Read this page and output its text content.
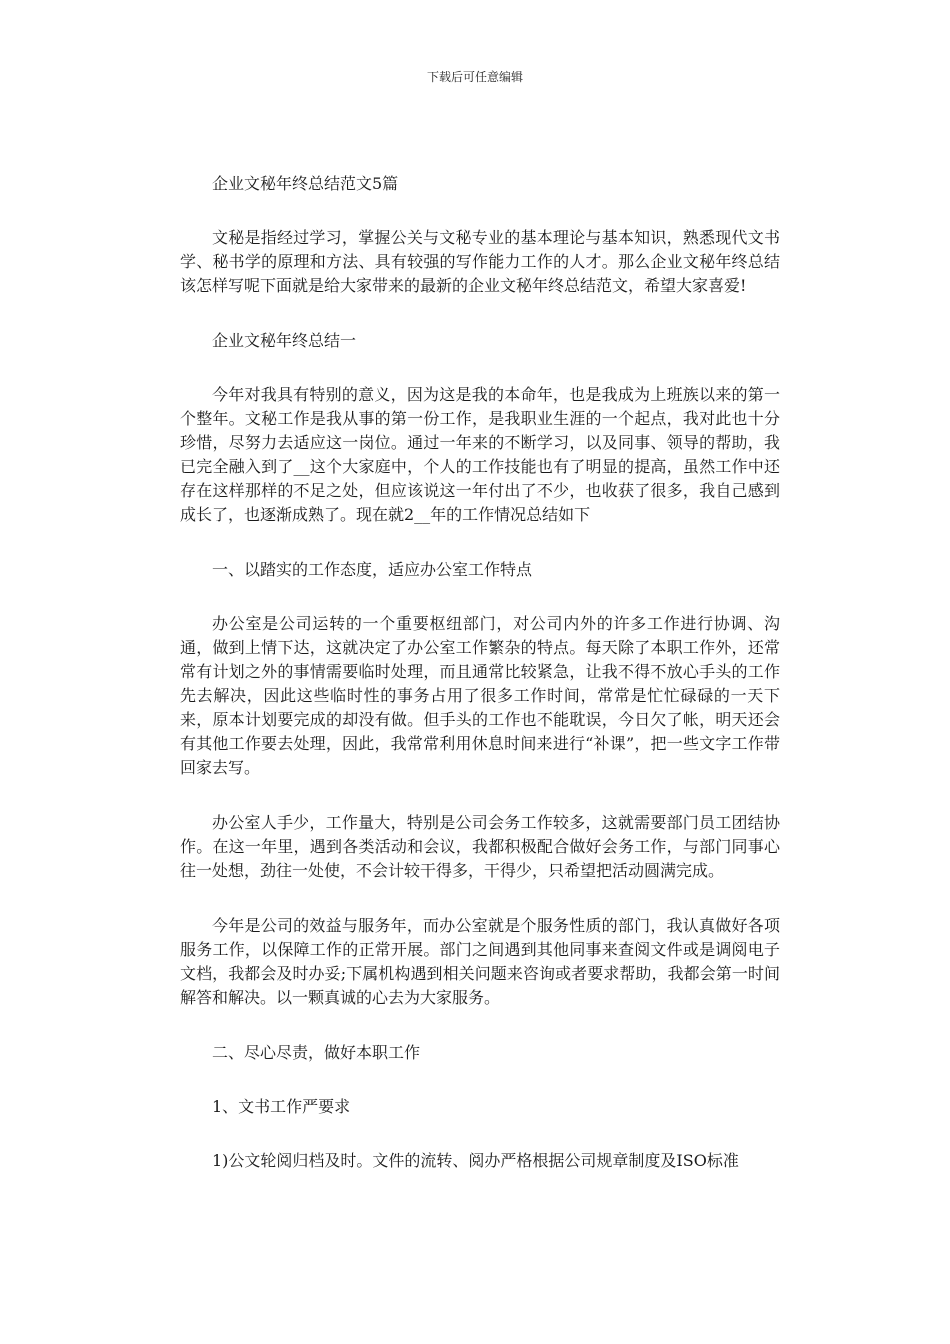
下载后可任意编辑

企业文秘年终总结范文5篇

文秘是指经过学习，掌握公关与文秘专业的基本理论与基本知识，熟悉现代文书学、秘书学的原理和方法、具有较强的写作能力工作的人才。那么企业文秘年终总结该怎样写呢下面就是给大家带来的最新的企业文秘年终总结范文，希望大家喜爱!

企业文秘年终总结一

今年对我具有特别的意义，因为这是我的本命年，也是我成为上班族以来的第一个整年。文秘工作是我从事的第一份工作，是我职业生涯的一个起点，我对此也十分珍惜，尽努力去适应这一岗位。通过一年来的不断学习，以及同事、领导的帮助，我已完全融入到了__这个大家庭中，个人的工作技能也有了明显的提高，虽然工作中还存在这样那样的不足之处，但应该说这一年付出了不少，也收获了很多，我自己感到成长了，也逐渐成熟了。现在就2__年的工作情况总结如下

一、以踏实的工作态度，适应办公室工作特点

办公室是公司运转的一个重要枢纽部门，对公司内外的许多工作进行协调、沟通，做到上情下达，这就决定了办公室工作繁杂的特点。每天除了本职工作外，还常常有计划之外的事情需要临时处理，而且通常比较紧急，让我不得不放心手头的工作先去解决，因此这些临时性的事务占用了很多工作时间，常常是忙忙碌碌的一天下来，原本计划要完成的却没有做。但手头的工作也不能耽误，今日欠了帐，明天还会有其他工作要去处理，因此，我常常利用休息时间来进行“补课”，把一些文字工作带回家去写。

办公室人手少，工作量大，特别是公司会务工作较多，这就需要部门员工团结协作。在这一年里，遇到各类活动和会议，我都积极配合做好会务工作，与部门同事心往一处想，劲往一处使，不会计较干得多，干得少，只希望把活动圆满完成。

今年是公司的效益与服务年，而办公室就是个服务性质的部门，我认真做好各项服务工作，以保障工作的正常开展。部门之间遇到其他同事来查阅文件或是调阅电子文档，我都会及时办妥;下属机构遇到相关问题来咨询或者要求帮助，我都会第一时间解答和解决。以一颗真诚的心去为大家服务。

二、尽心尽责，做好本职工作

1、文书工作严要求

1)公文轮阅归档及时。文件的流转、阅办严格根据公司规章制度及ISO标准
